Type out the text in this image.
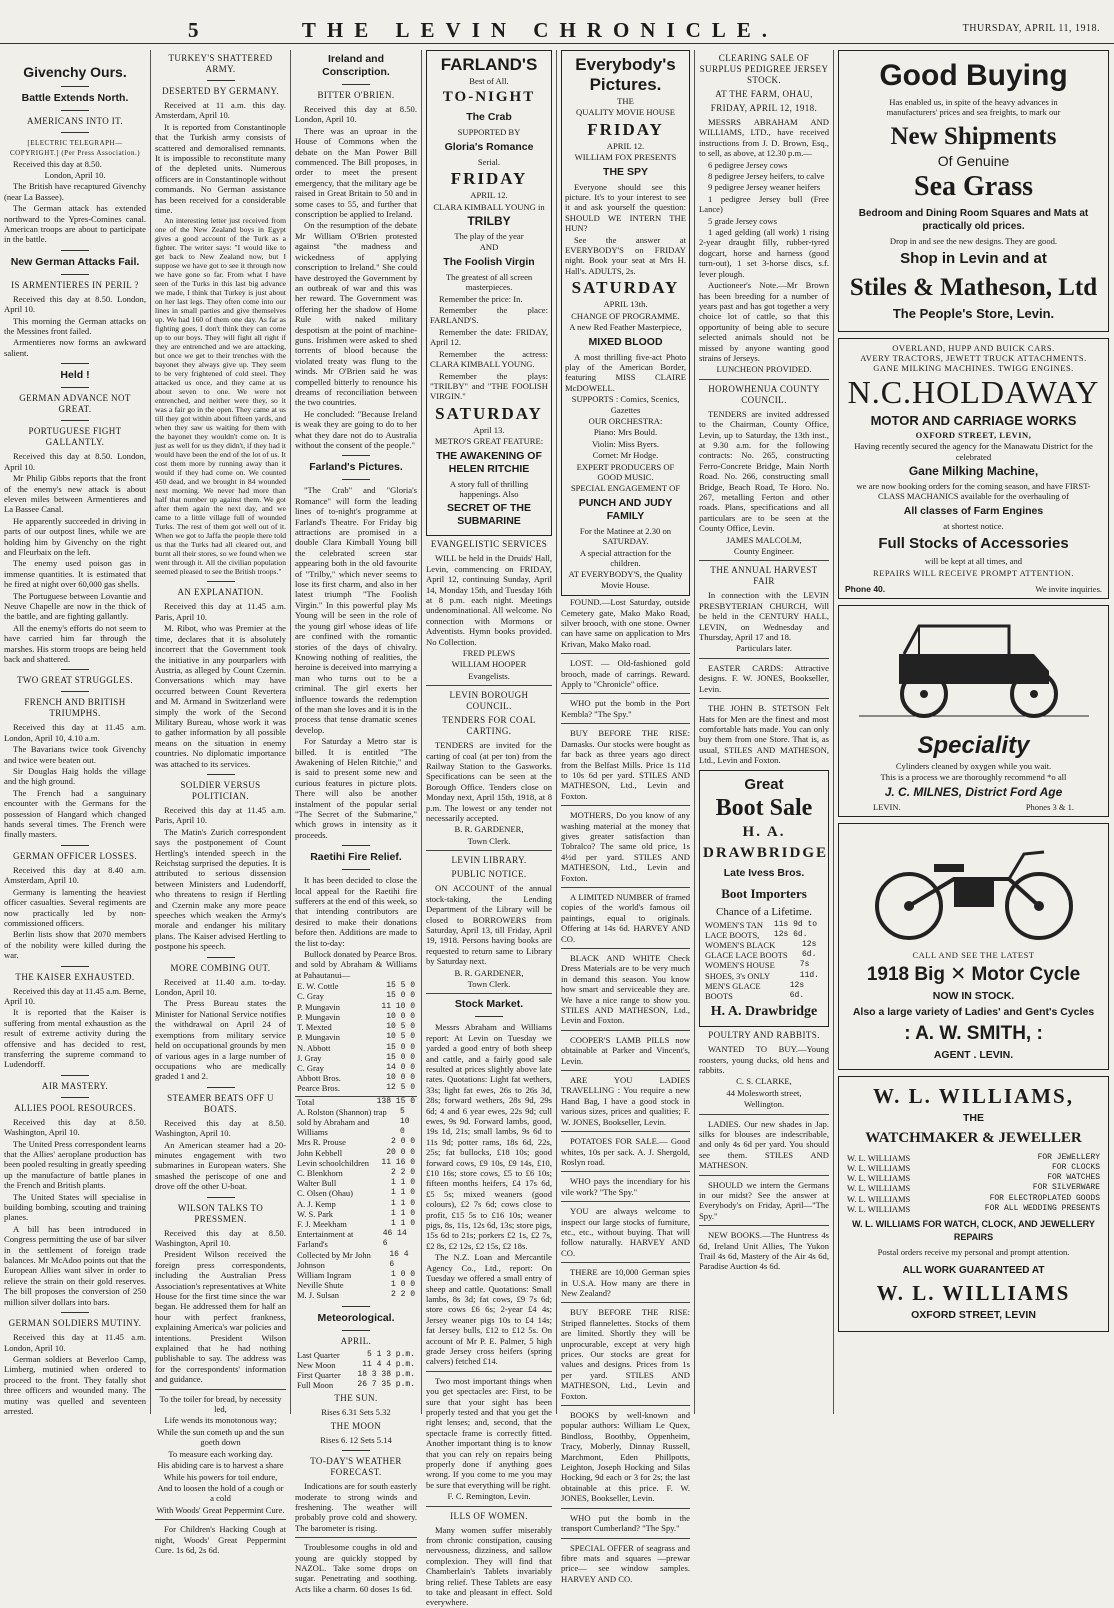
5	THE LEVIN CHRONICLE.	THURSDAY, APRIL 11, 1918.
Givenchy Ours.
Battle Extends North.
AMERICANS INTO IT.
[ELECTRIC TELEGRAPH—COPYRIGHT.] (Per Press Association.)
Received this day at 8.50.
London, April 10.
The British have recaptured Givenchy (near La Bassee).
The German attack has extended northward to the Ypres-Comines canal. American troops are about to participate in the battle.
New German Attacks Fail.
IS ARMENTIERES IN PERIL ?
Received this day at 8.50. London, April 10.
This morning the German attacks on the Messines front failed.
Armentieres now forms an awkward salient.
Held !
GERMAN ADVANCE NOT GREAT.
PORTUGUESE FIGHT GALLANTLY.
Received this day at 8.50. London, April 10.
Mr Philip Gibbs reports that the front of the enemy's new attack is about eleven miles between Armentieres and La Bassee Canal.
He apparently succeeded in driving in parts of our outpost lines, while we are holding him by Givenchy on the right and Fleurbaix on the left.
The enemy used poison gas in immense quantities. It is estimated that he fired at night over 60,000 gas shells.
The Portuguese between Lovantie and Neuve Chapelle are now in the thick of the battle, and are fighting gallantly.
All the enemy's efforts do not seem to have carried him far through the marshes. His storm troops are being held back and shattered.
TWO GREAT STRUGGLES.
FRENCH AND BRITISH TRIUMPHS.
Received this day at 11.45 a.m. London, April 10, 4.10 a.m.
The Bavarians twice took Givenchy and twice were beaten out.
Sir Douglas Haig holds the village and the high ground.
The French had a sanguinary encounter with the Germans for the possession of Hangard which changed hands several times. The French were finally masters.
GERMAN OFFICER LOSSES.
Received this day at 8.40 a.m. Amsterdam, April 10.
Germany is lamenting the heaviest officer casualties. Several regiments are now practically led by non-commissioned officers.
Berlin lists show that 2070 members of the nobility were killed during the war.
THE KAISER EXHAUSTED.
Received this day at 11.45 a.m. Berne, April 10.
It is reported that the Kaiser is suffering from mental exhaustion as the result of extreme activity during the offensive and has decided to rest, transferring the supreme command to Ludendorff.
AIR MASTERY.
ALLIES POOL RESOURCES.
Received this day at 8.50. Washington, April 10.
The United Press correspondent learns that the Allies' aeroplane production has been pooled resulting in greatly speeding up the manufacture of battle planes in the French and British plants.
The United States will specialise in building bombing, scouting and training planes.
A bill has been introduced in Congress permitting the use of bar silver in the settlement of foreign trade balances. Mr McAdoo points out that the European Allies want silver in order to relieve the strain on their gold reserves. The bill proposes the conversion of 250 million silver dollars into bars.
GERMAN SOLDIERS MUTINY.
Received this day at 11.45 a.m. London, April 10.
German soldiers at Beverloo Camp, Limberg, mutinied when ordered to proceed to the front. They fatally shot three officers and wounded many. The mutiny was quelled and seventeen arrested.
TURKEY'S SHATTERED ARMY.
DESERTED BY GERMANY.
Received at 11 a.m. this day. Amsterdam, April 10.
It is reported from Constantinople that the Turkish army consists of scattered and demoralised remnants. It is impossible to reconstitute many of the depleted units. Numerous officers are in Constantinople without commands. No German assistance has been received for a considerable time.
An interesting letter just received from one of the New Zealand boys in Egypt gives a good account of the Turk as a fighter. The writer says: "I would like to get back to New Zealand now, but I suppose we have got to see it through now we have gone so far. From what I have seen of the Turks in this last big advance we made, I think that Turkey is just about on her last legs. They often come into our lines in small parties and give themselves up. We had 160 of them one day. As far as fighting goes, I don't think they can come up to our boys. They will fight all right if they are entrenched and we are attacking, but once we get to their trenches with the bayonet they always give up. They seem to be very frightened of cold steel. They attacked us once, and they came at us about seven to one. We were not entrenched, and neither were they, so it was a fair go in the open. They came at us till they got within about fifteen yards, and when they saw us waiting for them with the bayonet they wouldn't come on. It is just as well for us they didn't, if they had it would have been the end of the lot of us. It cost them more by running away than it would if they had come on. We counted 450 dead, and we brought in 84 wounded next morning. We never had more than half that number up against them. We got after them again the next day, and we came to a little village full of wounded Turks. The rest of them got well out of it. When we got to Jaffa the people there told us that the Turks had all cleared out, and burnt all their stores, so we found when we went through it. All the civilian population seemed pleased to see the British troops."
AN EXPLANATION.
Received this day at 11.45 a.m. Paris, April 10.
M. Ribot, who was Premier at the time, declares that it is absolutely incorrect that the Government took the initiative in any pourparlers with Austria, as alleged by Count Czernin. Conversations which may have occurred between Count Revertera and M. Armand in Switzerland were simply the work of the Second Military Bureau, whose work it was to gather information by all possible means on the situation in enemy countries. No diplomatic importance was attached to its services.
SOLDIER VERSUS POLITICIAN.
Received this day at 11.45 a.m. Paris, April 10.
The Matin's Zurich correspondent says the postponement of Count Hertling's intended speech in the Reichstag surprised the deputies. It is attributed to serious dissension between Ministers and Ludendorff, who threatens to resign if Hertling and Czernin make any more peace speeches which weaken the Army's morale and endanger his military plans. The Kaiser advised Hertling to postpone his speech.
MORE COMBING OUT.
Received at 11.40 a.m. to-day. London, April 10.
The Press Bureau states the Minister for National Service notifies the withdrawal on April 24 of exemptions from military service held on occupational grounds by men of various ages in a large number of occupations who are medically graded 1 and 2.
STEAMER BEATS OFF U BOATS.
Received this day at 8.50. Washington, April 10.
An American steamer had a 20-minutes engagement with two submarines in European waters. She smashed the periscope of one and drove off the other U-boat.
WILSON TALKS TO PRESSMEN.
Received this day at 8.50. Washington, April 10.
President Wilson received the foreign press correspondents, including the Australian Press Association's representatives at White House for the first time since the war began. He addressed them for half an hour with perfect frankness, explaining America's war policies and intentions. President Wilson explained that he had nothing publishable to say. The address was for the correspondents' information and guidance.
To the toiler for bread, by necessity led,
Life wends its monotonous way;
While the sun cometh up and the sun goeth down
To measure each working day.
His abiding care is to harvest a share
While his powers for toil endure,
And to loosen the hold of a cough or a cold
With Woods' Great Peppermint Cure.
For Children's Hacking Cough at night, Woods' Great Peppermint Cure. 1s 6d, 2s 6d.
Ireland and Conscription.
BITTER O'BRIEN.
Received this day at 8.50. London, April 10.
There was an uproar in the House of Commons when the debate on the Man Power Bill commenced. The Bill proposes, in order to meet the present emergency, that the military age be raised in Great Britain to 50 and in some cases to 55, and further that conscription be applied to Ireland.
On the resumption of the debate Mr William O'Brien protested against "the madness and wickedness of applying conscription to Ireland." She could have destroyed the Government by an outbreak of war and this was her reward. The Government was offering her the shadow of Home Rule with naked military despotism at the point of machine-guns. Irishmen were asked to shed torrents of blood because the violated treaty was flung to the winds. Mr O'Brien said he was compelled bitterly to renounce his dreams of reconciliation between the two countries.
He concluded: "Because Ireland is weak they are going to do to her what they dare not do to Australia without the consent of the people."
Farland's Pictures.
"The Crab" and "Gloria's Romance" will form the leading lines of to-night's programme at Farland's Theatre. For Friday big attractions are promised in a double Clara Kimball Young bill the celebrated screen star appearing both in the old favourite of "Trilby," which never seems to lose its first charm, and also in her latest triumph "The Foolish Virgin." In this powerful play Ms Young will be seen in the role of the young girl whose ideas of life are confined with the romantic stories of the days of chivalry. Knowing nothing of realities, the heroine is deceived into marrying a man who turns out to be a criminal. The girl exerts her influence towards the redemption of the man she loves and it is in the process that tense dramatic scenes develop.
For Saturday a Metro star is billed. It is entitled "The Awakening of Helen Ritchie," and is said to present some new and curious features in picture plots. There will also be another instalment of the popular serial "The Secret of the Submarine," which grows in intensity as it proceeds.
Raetihi Fire Relief.
It has been decided to close the local appeal for the Raetihi fire sufferers at the end of this week, so that intending contributors are desired to make their donations before then. Additions are made to the list to-day:
Bullock donated by Pearce Bros. and sold by Abraham & Williams at Pahautanui—
E. W. Cottle	15 5 0
C. Gray	15 0 0
P. Mungavin	11 10 0
P. Mungavin	10 0 0
T. Mexted	10 5 0
P. Mungavin	10 5 0
N. Abbott	15 0 0
J. Gray	15 0 0
C. Gray	14 0 0
Abbott Bros.	10 0 0
Pearce Bros.	12 5 0
Total	138 15 0
A. Rolston (Shannon) trap sold by Abraham and Williams
5 10 0
Mrs R. Prouse	2 0 0
John Kebbell	20 0 0
Levin schoolchildren 11 16 0
C. Blenkhorn	2 2 0
Walter Bull	1 1 0
C. Olsen (Ohau)	1 1 0
A. J. Kemp	1 1 0
W. S. Park	1 1 0
F. J. Meekham	1 1 0
Entertainment at Farland's
46 14 6
Collected by Mr John Johnson
16 4 6
William Ingram	1 0 0
Neville Shute	1 0 0
M. J. Sulsan	2 2 0
Meteorological.
APRIL.
Last Quarter	5 1 3 p.m.
New Moon	11 4 4 p.m.
First Quarter 18 3 38 p.m.
Full Moon	26 7 35 p.m.
THE SUN.
Rises 6.31 Sets 5.32
THE MOON
Rises 6. 12 Sets 5.14
TO-DAY'S WEATHER FORECAST.
Indications are for south easterly moderate to strong winds and freshening. The weather will probably prove cold and showery. The barometer is rising.
Troublesome coughs in old and young are quickly stopped by NAZOL. Take some drops on sugar. Penetrating and soothing. Acts like a charm. 60 doses 1s 6d.
FARLAND'S
Best of All.
TO-NIGHT
The Crab
SUPPORTED BY
Gloria's Romance
Serial.
FRIDAY
APRIL 12.
CLARA KIMBALL YOUNG in
TRILBY
The play of the year
AND
The Foolish Virgin
The greatest of all screen masterpieces.
Remember the price: In.
Remember the place: FARLAND'S.
Remember the date: FRIDAY, April 12.
Remember the actress: CLARA KIMBALL YOUNG.
Remember the plays: "TRILBY" and "THE FOOLISH VIRGIN."
SATURDAY
April 13.
METRO'S GREAT FEATURE:
THE AWAKENING OF HELEN RITCHIE
A story full of thrilling happenings. Also
SECRET OF THE SUBMARINE
EVANGELISTIC SERVICES
WILL be held in the Druids' Hall, Levin, commencing on FRIDAY, April 12, continuing Sunday, April 14, Monday 15th, and Tuesday 16th at 8 p.m. each night. Meetings undenominational. All welcome. No connection with Mormons or Adventists. Hymn books provided. No Collection.
FRED PLEWS
WILLIAM HOOPER
Evangelists.
LEVIN BOROUGH COUNCIL.
TENDERS FOR COAL CARTING.
TENDERS are invited for the carting of coal (at per ton) from the Railway Station to the Gasworks. Specifications can be seen at the Borough Office. Tenders close on Monday next, April 15th, 1918, at 8 p.m. The lowest or any tender not necessarily accepted.
B. R. GARDENER,
Town Clerk.
LEVIN LIBRARY.
PUBLIC NOTICE.
ON ACCOUNT of the annual stock-taking, the Lending Department of the Library will be closed to BORROWERS from Saturday, April 13, till Friday, April 19, 1918. Persons having books are requested to return same to Library by Saturday next.
B. R. GARDENER,
Town Clerk.
Stock Market.
Messrs Abraham and Williams report: At Levin on Tuesday we yarded a good entry of both sheep and cattle, and a fairly good sale resulted at prices slightly above late rates. Quotations: Light fat wethers, 33s; light fat ewes, 26s to 26s 3d, 28s; forward wethers, 28s 9d, 29s 6d; 4 and 6 year ewes, 22s 9d; cull ewes, 9s 9d. Forward lambs, good, 19s 1d, 21s; small lambs, 9s 6d to 11s 9d; potter rams, 18s 6d, 22s, 25s; fat bullocks, £18 10s; good forward cows, £9 10s, £9 14s, £10, £10 16s; store cows, £5 to £6 10s; fifteen months heifers, £4 17s 6d, £5 5s; mixed weaners (good colours), £2 7s 6d; cows close to profit, £15 5s to £16 10s; weaner pigs, 8s, 11s, 12s 6d, 13s; store pigs, 15s 6d to 21s; porkers £2 1s, £2 7s, £2 8s, £2 12s, £2 15s, £2 18s.
The N.Z. Loan and Mercantile Agency Co., Ltd., report: On Tuesday we offered a small entry of sheep and cattle. Quotations: Small lambs, 8s 3d; fat cows, £9 7s 6d; store cows £6 6s; 2-year £4 4s; Jersey weaner pigs 10s to £4 14s; fat Jersey bulls, £12 to £12 5s. On account of Mr P. E. Palmer, 5 high grade Jersey cross heifers (spring calvers) fetched £14.
Two most important things when you get spectacles are: First, to be sure that your sight has been properly tested and that you get the right lenses; and, second, that the spectacle frame is correctly fitted. Another important thing is to know that you can rely on repairs being properly done if anything goes wrong. If you come to me you may be sure that everything will be right.
F. C. Remington, Levin.
ILLS OF WOMEN.
Many women suffer miserably from chronic constipation, causing nervousness, dizziness, and sallow complexion. They will find that Chamberlain's Tablets invariably bring relief. These Tablets are easy to take and pleasant in effect. Sold everywhere.
Everybody's Pictures.
THE
QUALITY MOVIE HOUSE
FRIDAY
APRIL 12.
WILLIAM FOX PRESENTS
THE SPY
Everyone should see this picture. It's to your interest to see it and ask yourself the question: SHOULD WE INTERN THE HUN?
See the answer at EVERYBODY'S on FRIDAY night. Book your seat at Mrs H. Hall's. ADULTS, 2s.
SATURDAY
APRIL 13th.
CHANGE OF PROGRAMME.
A new Red Feather Masterpiece,
MIXED BLOOD
A most thrilling five-act Photo play of the American Border, featuring MISS CLAIRE McDOWELL.
SUPPORTS : Comics, Scenics, Gazettes
OUR ORCHESTRA:
Piano: Mrs Bould.
Violin: Miss Byers.
Cornet: Mr Hodge.
EXPERT PRODUCERS OF GOOD MUSIC.
SPECIAL ENGAGEMENT OF
PUNCH AND JUDY FAMILY
For the Matinee at 2.30 on SATURDAY.
A special attraction for the children.
AT EVERYBODY'S, the Quality Movie House.
FOUND.—Lost Saturday, outside Cemetery gate, Mako Mako Road, silver brooch, with one stone. Owner can have same on application to Mrs Krivan, Mako Mako road.
LOST. — Old-fashioned gold brooch, made of carrings. Reward. Apply to "Chronicle" office.
WHO put the bomb in the Port Kembla? "The Spy."
BUY BEFORE THE RISE: Damasks. Our stocks were bought as far back as three years ago direct from the Belfast Mills. Price 1s 11d to 10s 6d per yard. STILES AND MATHESON, Ltd., Levin and Foxton.
MOTHERS, Do you know of any washing material at the money that gives greater satisfaction than Tobralco? The same old price, 1s 4½d per yard. STILES AND MATHESON, Ltd., Levin and Foxton.
A LIMITED NUMBER of framed copies of the world's famous oil paintings, equal to originals. Offering at 14s 6d. HARVEY AND CO.
BLACK AND WHITE Check Dress Materials are to be very much in demand this season. You know how smart and serviceable they are. We have a nice range to show you. STILES AND MATHESON, Ltd., Levin and Foxton.
COOPER'S LAMB PILLS now obtainable at Parker and Vincent's, Levin.
ARE YOU LADIES TRAVELLING : You require a new Hand Bag, I have a good stock in various sizes, prices and qualities; F. W. JONES, Bookseller, Levin.
POTATOES FOR SALE.— Good whites, 10s per sack. A. J. Shergold, Roslyn road.
WHO pays the incendiary for his vile work? "The Spy."
YOU are always welcome to inspect our large stocks of furniture, etc., etc., without buying. That will follow naturally. HARVEY AND CO.
THERE are 10,000 German spies in U.S.A. How many are there in New Zealand?
BUY BEFORE THE RISE: Striped flannelettes. Stocks of them are limited. Shortly they will be unprocurable, except at very high prices. Our stocks are great for values and designs. Prices from 1s per yard. STILES AND MATHESON, Ltd., Levin and Foxton.
BOOKS by well-known and popular authors: William Le Quex, Bindloss, Boothby, Oppenheim, Tracy, Moberly, Dinnay Russell, Marchmont, Eden Phillpotts, Leighton, Joseph Hocking and Silas Hocking, 9d each or 3 for 2s; the last obtainable at this price. F. W. JONES, Bookseller, Levin.
WHO put the bomb in the transport Cumberland? "The Spy."
SPECIAL OFFER of seagrass and fibre mats and squares —prewar price— see window samples. HARVEY AND CO.
CLEARING SALE OF SURPLUS PEDIGREE JERSEY STOCK.
AT THE FARM, OHAU,
FRIDAY, APRIL 12, 1918.
MESSRS ABRAHAM AND WILLIAMS, LTD., have received instructions from J. D. Brown, Esq., to sell, as above, at 12.30 p.m.—
6 pedigree Jersey cows
8 pedigree Jersey heifers, to calve
9 pedigree Jersey weaner heifers
1 pedigree Jersey bull (Free Lance)
5 grade Jersey cows
1 aged gelding (all work) 1 rising 2-year draught filly, rubber-tyred dogcart, horse and harness (good turn-out), 1 set 3-horse discs, s.f. lever plough.
Auctioneer's Note.—Mr Brown has been breeding for a number of years past and has got together a very choice lot of cattle, so that this opportunity of being able to secure selected animals should not be missed by anyone wanting good strains of Jerseys.
LUNCHEON PROVIDED.
HOROWHENUA COUNTY COUNCIL.
TENDERS are invited addressed to the Chairman, County Office, Levin, up to Saturday, the 13th inst., at 9.30 a.m. for the following contracts: No. 265, constructing Ferro-Concrete Bridge, Main North Road. No. 266, constructing small Bridge, Beach Road, Te Horo. No. 267, metalling Ferton and other roads. Plans, specifications and all particulars are to be seen at the County Office, Levin.
JAMES MALCOLM,
County Engineer.
THE ANNUAL HARVEST FAIR
In connection with the LEVIN PRESBYTERIAN CHURCH, Will be held in the CENTURY HALL, LEVIN, on Wednesday and Thursday, April 17 and 18.
Particulars later.
EASTER CARDS: Attractive designs. F. W. JONES, Bookseller, Levin.
THE JOHN B. STETSON Felt Hats for Men are the finest and most comfortable hats made. You can only buy them from one Store. That is, as usual, STILES AND MATHESON, Ltd., Levin and Foxton.
Great
Boot Sale
H. A. DRAWBRIDGE
Late Ivess Bros.
Boot Importers
Chance of a Lifetime.
WOMEN'S TAN LACE BOOTS,
11s 9d to 12s 6d.
WOMEN'S BLACK GLACE LACE BOOTS
12s 6d.
WOMEN'S HOUSE SHOES, 3's ONLY
7s 11d.
MEN'S GLACE BOOTS
12s 6d.
H. A. Drawbridge
POULTRY AND RABBITS.
WANTED TO BUY.—Young roosters, young ducks, old hens and rabbits.
C. S. CLARKE,
44 Molesworth street,
Wellington.
LADIES. Our new shades in Jap. silks for blouses are indescribable, and only 4s 6d per yard. You should see them. STILES AND MATHESON.
SHOULD we intern the Germans in our midst? See the answer at Everybody's on Friday, April—"The Spy."
NEW BOOKS.—The Huntress 4s 6d, Ireland Unit Allies, The Yukon Trail 4s 6d, Mastery of the Air 4s 6d, Paradise Auction 4s 6d.
Good Buying
Has enabled us, in spite of the heavy advances in manufacturers' prices and sea freights, to mark our
New Shipments
Of Genuine
Sea Grass
Bedroom and Dining Room Squares and Mats at practically old prices.
Drop in and see the new designs. They are good.
Shop in Levin and at
Stiles & Matheson, Ltd
The People's Store, Levin.
OVERLAND, HUPP AND BUICK CARS.
AVERY TRACTORS, JEWETT TRUCK ATTACHMENTS.
GANE MILKING MACHINES. TWIGG ENGINES.
N.C.HOLDAWAY
MOTOR AND CARRIAGE WORKS
OXFORD STREET, LEVIN,
Having recently secured the agency for the Manawatu District for the celebrated
Gane Milking Machine,
we are now booking orders for the coming season, and have FIRST-CLASS MACHANICS available for the overhauling of
All classes of Farm Engines
at shortest notice.
Full Stocks of Accessories
will be kept at all times, and
REPAIRS WILL RECEIVE PROMPT ATTENTION.
Phone 40.	We invite inquiries.
Speciality
Cylinders cleaned by oxygen while you wait.
This is a process we are thoroughly recommend *o all
J. C. MILNES, District Ford Age
LEVIN.	Phones 3 & 1.
CALL AND SEE THE LATEST
1918 Big ✕ Motor Cycle
NOW IN STOCK.
Also a large variety of Ladies' and Gent's Cycles
: A. W. SMITH, :
AGENT . LEVIN.
W. L. WILLIAMS,
THE
WATCHMAKER & JEWELLER
W. L. WILLIAMS	FOR JEWELLERY
W. L. WILLIAMS	FOR CLOCKS
W. L. WILLIAMS	FOR WATCHES
W. L. WILLIAMS	FOR SILVERWARE
W. L. WILLIAMS	FOR ELECTROPLATED GOODS
W. L. WILLIAMS	FOR ALL WEDDING PRESENTS
W. L. WILLIAMS FOR WATCH, CLOCK, AND JEWELLERY REPAIRS
Postal orders receive my personal and prompt attention.
ALL WORK GUARANTEED AT
W. L. WILLIAMS
OXFORD STREET, LEVIN
